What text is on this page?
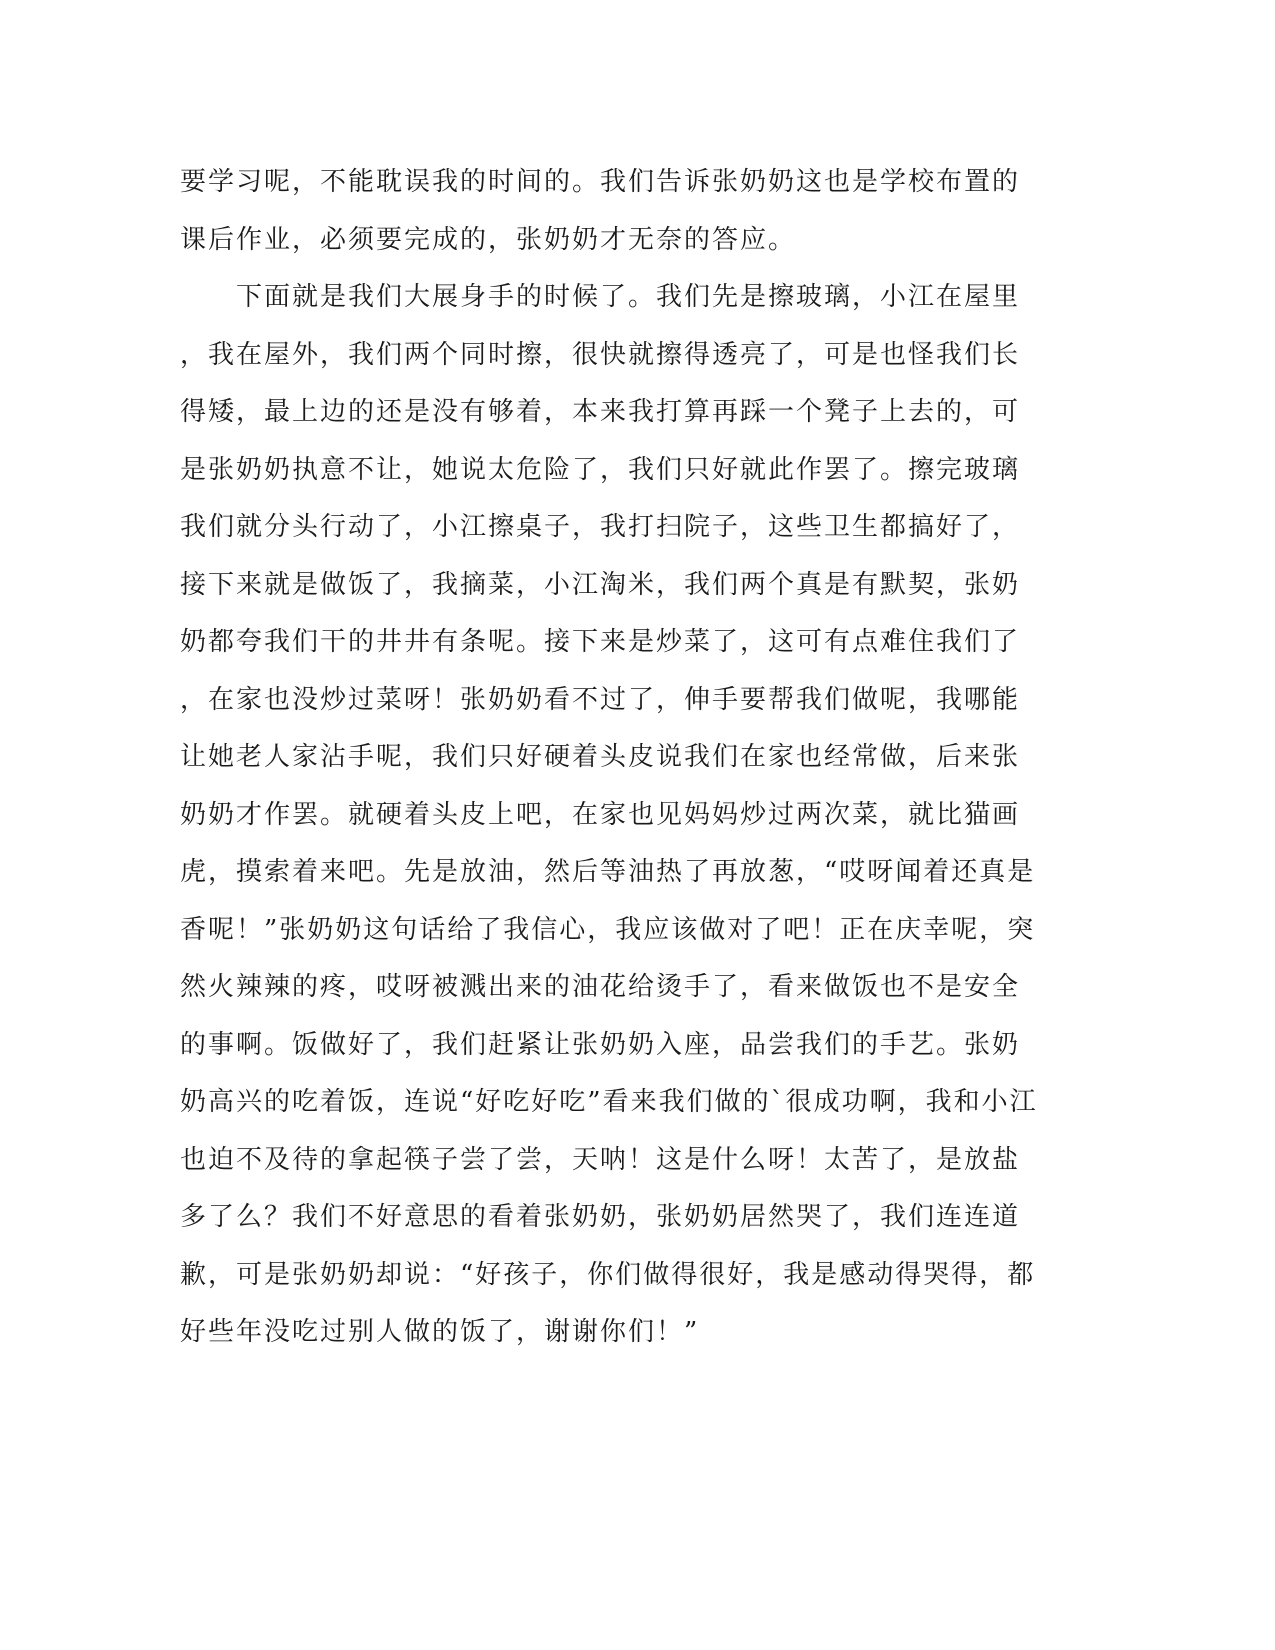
要学习呢，不能耽误我的时间的。我们告诉张奶奶这也是学校布置的
课后作业，必须要完成的，张奶奶才无奈的答应。
　　下面就是我们大展身手的时候了。我们先是擦玻璃，小江在屋里
，我在屋外，我们两个同时擦，很快就擦得透亮了，可是也怪我们长
得矮，最上边的还是没有够着，本来我打算再踩一个凳子上去的，可
是张奶奶执意不让，她说太危险了，我们只好就此作罢了。擦完玻璃
我们就分头行动了，小江擦桌子，我打扫院子，这些卫生都搞好了，
接下来就是做饭了，我摘菜，小江淘米，我们两个真是有默契，张奶
奶都夸我们干的井井有条呢。接下来是炒菜了，这可有点难住我们了
，在家也没炒过菜呀！张奶奶看不过了，伸手要帮我们做呢，我哪能
让她老人家沾手呢，我们只好硬着头皮说我们在家也经常做，后来张
奶奶才作罢。就硬着头皮上吧，在家也见妈妈炒过两次菜，就比猫画
虎，摸索着来吧。先是放油，然后等油热了再放葱，“哎呀闻着还真是
香呢！”张奶奶这句话给了我信心，我应该做对了吧！正在庆幸呢，突
然火辣辣的疼，哎呀被溅出来的油花给烫手了，看来做饭也不是安全
的事啊。饭做好了，我们赶紧让张奶奶入座，品尝我们的手艺。张奶
奶高兴的吃着饭，连说“好吃好吃”看来我们做的`很成功啊，我和小江
也迫不及待的拿起筷子尝了尝，天呐！这是什么呀！太苦了，是放盐
多了么？我们不好意思的看着张奶奶，张奶奶居然哭了，我们连连道
歉，可是张奶奶却说：“好孩子，你们做得很好，我是感动得哭得，都
好些年没吃过别人做的饭了，谢谢你们！”
